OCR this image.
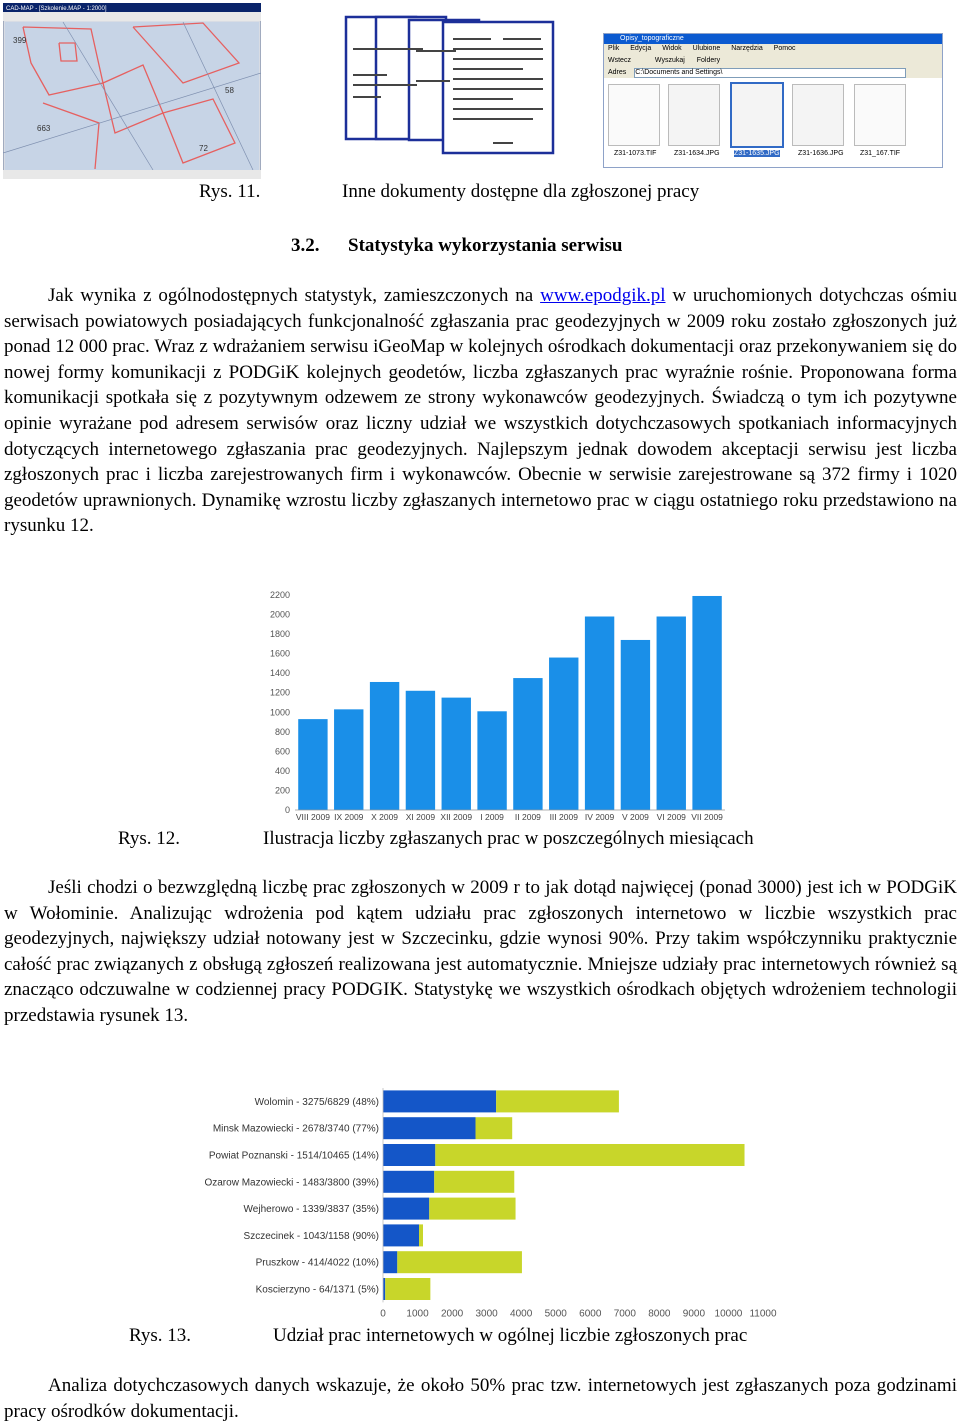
CAD-MAP - [Szkolenie.MAP - 1:2000]
399
663
72
58
Opisy_topograficzne
Plik Edycja Widok Ulubione Narzędzia Pomoc
Wstecz	Wyszukaj Foldery
Adres C:\Documents and Settings\
Z31-1073.TIF	Z31-1634.JPG Z31-1635.JPG	Z31-1636.JPG Z31_167.TIF
Rys. 11.	Inne dokumenty dostępne dla zgłoszonej pracy
3.2. Statystyka wykorzystania serwisu
Jak wynika z ogólnodostępnych statystyk, zamieszczonych na www.epodgik.pl w uruchomionych dotychczas ośmiu serwisach powiatowych posiadających funkcjonalność zgłaszania prac geodezyjnych w 2009 roku zostało zgłoszonych już ponad 12 000 prac. Wraz z wdrażaniem serwisu iGeoMap w kolejnych ośrodkach dokumentacji oraz przekonywaniem się do nowej formy komunikacji z PODGiK kolejnych geodetów, liczba zgłaszanych prac wyraźnie rośnie. Proponowana forma komunikacji spotkała się z pozytywnym odzewem ze strony wykonawców geodezyjnych. Świadczą o tym ich pozytywne opinie wyrażane pod adresem serwisów oraz liczny udział we wszystkich dotychczasowych spotkaniach informacyjnych dotyczących internetowego zgłaszania prac geodezyjnych. Najlepszym jednak dowodem akceptacji serwisu jest liczba zgłoszonych prac i liczba zarejestrowanych firm i wykonawców. Obecnie w serwisie zarejestrowane są 372 firmy i 1020 geodetów uprawnionych. Dynamikę wzrostu liczby zgłaszanych internetowo prac w ciągu ostatniego roku przedstawiono na rysunku 12.
0
200
400
600
800
1000
1200
1400
1600
1800
2000
2200
VIII 2009 IX 2009 X 2009 XI 2009 XII 2009 I 2009 II 2009 III 2009 IV 2009 V 2009 VI 2009 VII 2009
Rys. 12.	Ilustracja liczby zgłaszanych prac w poszczególnych miesiącach
Jeśli chodzi o bezwzględną liczbę prac zgłoszonych w 2009 r to jak dotąd najwięcej (ponad 3000) jest ich w PODGiK w Wołominie. Analizując wdrożenia pod kątem udziału prac zgłoszonych internetowo w liczbie wszystkich prac geodezyjnych, największy udział notowany jest w Szczecinku, gdzie wynosi 90%. Przy takim współczynniku praktycznie całość prac związanych z obsługą zgłoszeń realizowana jest automatycznie. Mniejsze udziały prac internetowych również są znacząco odczuwalne w codziennej pracy PODGIK. Statystykę we wszystkich ośrodkach objętych wdrożeniem technologii przedstawia rysunek 13.
Wolomin - 3275/6829 (48%)
Minsk Mazowiecki - 2678/3740 (77%)
Powiat Poznanski - 1514/10465 (14%)
Ozarow Mazowiecki - 1483/3800 (39%)
Wejherowo - 1339/3837 (35%)
Szczecinek - 1043/1158 (90%)
Pruszkow - 414/4022 (10%)
Koscierzyno - 64/1371 (5%)
0 1000 2000 3000 4000 5000 6000 7000 8000 9000 10000 11000
Rys. 13.	Udział prac internetowych w ogólnej liczbie zgłoszonych prac
Analiza dotychczasowych danych wskazuje, że około 50% prac tzw. internetowych jest zgłaszanych poza godzinami pracy ośrodków dokumentacji.
